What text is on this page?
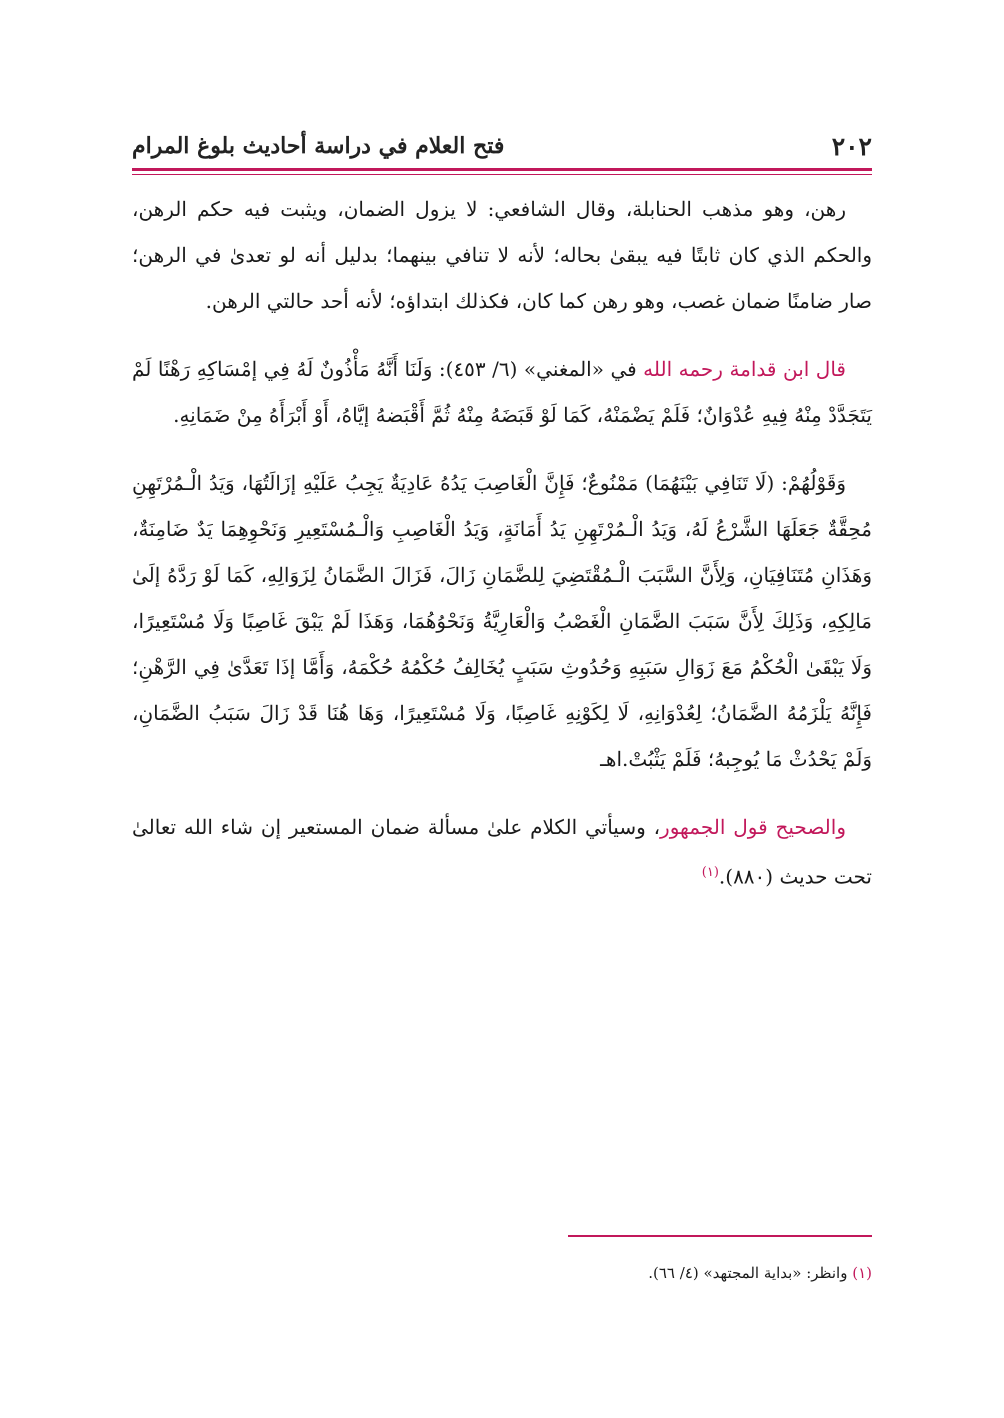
٢٠٢
فتح العلام في دراسة أحاديث بلوغ المرام

رهن، وهو مذهب الحنابلة، وقال الشافعي: لا يزول الضمان، ويثبت فيه حكم الرهن، والحكم الذي كان ثابتًا فيه يبقىٰ بحاله؛ لأنه لا تنافي بينهما؛ بدليل أنه لو تعدىٰ في الرهن؛ صار ضامنًا ضمان غصب، وهو رهن كما كان، فكذلك ابتداؤه؛ لأنه أحد حالتي الرهن.

قال ابن قدامة رحمه الله في «المغني» (٦/ ٤٥٣): وَلَنَا أَنَّهُ مَأْذُونٌ لَهُ فِي إمْسَاكِهِ رَهْنًا لَمْ يَتَجَدَّدْ مِنْهُ فِيهِ عُدْوَانٌ؛ فَلَمْ يَضْمَنْهُ، كَمَا لَوْ قَبَضَهُ مِنْهُ ثُمَّ أَقْبَضهُ إيَّاهُ، أَوْ أَبْرَأَهُ مِنْ ضَمَانِهِ.

وَقَوْلُهُمْ: (لَا تَنَافِي بَيْنَهُمَا) مَمْنُوعٌ؛ فَإِنَّ الْغَاصِبَ يَدُهُ عَادِيَةٌ يَجِبُ عَلَيْهِ إزَالَتُهَا، وَيَدُ الْـمُرْتَهِنِ مُحِقَّةٌ جَعَلَهَا الشَّرْعُ لَهُ، وَيَدُ الْـمُرْتَهِنِ يَدُ أَمَانَةٍ، وَيَدُ الْغَاصِبِ وَالْـمُسْتَعِيرِ وَنَحْوِهِمَا يَدٌ ضَامِنَةٌ، وَهَذَانِ مُتَنَافِيَانِ، وَلِأَنَّ السَّبَبَ الْـمُقْتَضِيَ لِلضَّمَانِ زَالَ، فَزَالَ الضَّمَانُ لِزَوَالِهِ، كَمَا لَوْ رَدَّهُ إلَىٰ مَالِكِهِ، وَذَلِكَ لِأَنَّ سَبَبَ الضَّمَانِ الْغَصْبُ وَالْعَارِيَّةُ وَنَحْوُهُمَا، وَهَذَا لَمْ يَبْقَ غَاصِبًا وَلَا مُسْتَعِيرًا، وَلَا يَبْقَىٰ الْحُكْمُ مَعَ زَوَالِ سَبَبِهِ وَحُدُوثِ سَبَبٍ يُخَالِفُ حُكْمُهُ حُكْمَهُ، وَأَمَّا إذَا تَعَدَّىٰ فِي الرَّهْنِ؛ فَإِنَّهُ يَلْزَمُهُ الضَّمَانُ؛ لِعُدْوَانِهِ، لَا لِكَوْنِهِ غَاصِبًا، وَلَا مُسْتَعِيرًا، وَهَا هُنَا قَدْ زَالَ سَبَبُ الضَّمَانِ، وَلَمْ يَحْدُثْ مَا يُوجِبهُ؛ فَلَمْ يَثْبُتْ.اهـ

والصحيح قول الجمهور، وسيأتي الكلام علىٰ مسألة ضمان المستعير إن شاء الله تعالىٰ تحت حديث (٨٨٠).$^{(١)}$

(١) وانظر: «بداية المجتهد» (٤/ ٦٦).
